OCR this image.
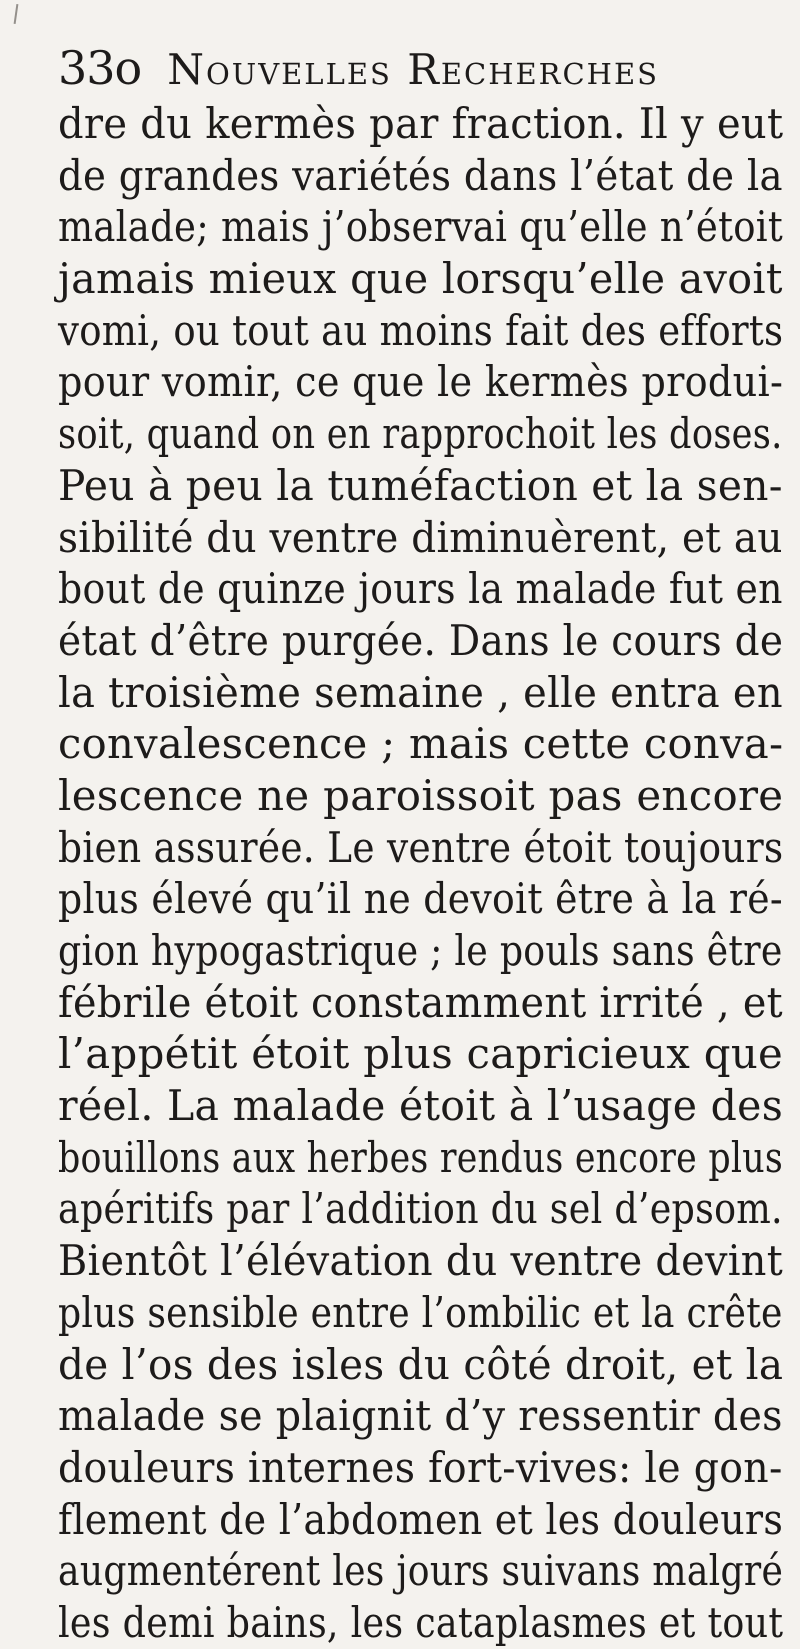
33o Nouvelles Recherches
dre du kermès par fraction. Il y eut
de grandes variétés dans l’état de la
malade; mais j’observai qu’elle n’étoit
jamais mieux que lorsqu’elle avoit
vomi, ou tout au moins fait des efforts
pour vomir, ce que le kermès produi-
soit, quand on en rapprochoit les doses.
Peu à peu la tuméfaction et la sen-
sibilité du ventre diminuèrent, et au
bout de quinze jours la malade fut en
état d’être purgée. Dans le cours de
la troisième semaine , elle entra en
convalescence ; mais cette conva-
lescence ne paroissoit pas encore
bien assurée. Le ventre étoit toujours
plus élevé qu’il ne devoit être à la ré-
gion hypogastrique ; le pouls sans être
fébrile étoit constamment irrité , et
l’appétit étoit plus capricieux que
réel. La malade étoit à l’usage des
bouillons aux herbes rendus encore plus
apéritifs par l’addition du sel d’epsom.
Bientôt l’élévation du ventre devint
plus sensible entre l’ombilic et la crête
de l’os des isles du côté droit, et la
malade se plaignit d’y ressentir des
douleurs internes fort-vives: le gon-
flement de l’abdomen et les douleurs
augmentérent les jours suivans malgré
les demi bains, les cataplasmes et tout
